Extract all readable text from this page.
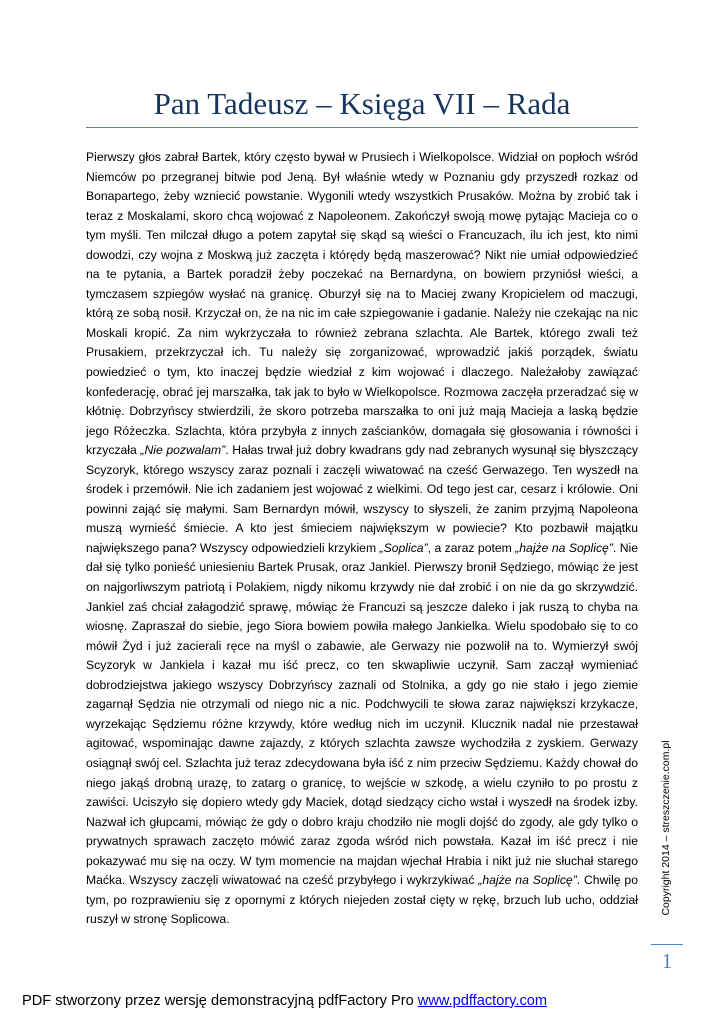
Pan Tadeusz – Księga VII – Rada

Pierwszy głos zabrał Bartek, który często bywał w Prusiech i Wielkopolsce. Widział on popłoch wśród Niemców po przegranej bitwie pod Jeną. Był właśnie wtedy w Poznaniu gdy przyszedł rozkaz od Bonapartego, żeby wzniecić powstanie. Wygonili wtedy wszystkich Prusaków. Można by zrobić tak i teraz z Moskalami, skoro chcą wojować z Napoleonem. Zakończył swoją mowę pytając Macieja co o tym myśli. Ten milczał długo a potem zapytał się skąd są wieści o Francuzach, ilu ich jest, kto nimi dowodzi, czy wojna z Moskwą już zaczęta i którędy będą maszerować? Nikt nie umiał odpowiedzieć na te pytania, a Bartek poradził żeby poczekać na Bernardyna, on bowiem przyniósł wieści, a tymczasem szpiegów wysłać na granicę. Oburzył się na to Maciej zwany Kropicielem od maczugi, którą ze sobą nosił. Krzyczał on, że na nic im całe szpiegowanie i gadanie. Należy nie czekając na nic Moskali kropić. Za nim wykrzyczała to również zebrana szlachta. Ale Bartek, którego zwali też Prusakiem, przekrzyczał ich. Tu należy się zorganizować, wprowadzić jakiś porządek, światu powiedzieć o tym, kto inaczej będzie wiedział z kim wojować i dlaczego. Należałoby zawiązać konfederację, obrać jej marszałka, tak jak to było w Wielkopolsce. Rozmowa zaczęła przeradzać się w kłótnię. Dobrzyńscy stwierdzili, że skoro potrzeba marszałka to oni już mają Macieja a laską będzie jego Różeczka. Szlachta, która przybyła z innych zaścianków, domagała się głosowania i równości i krzyczała „Nie pozwalam”. Hałas trwał już dobry kwadrans gdy nad zebranych wysunął się błyszczący Scyzoryk, którego wszyscy zaraz poznali i zaczęli wiwatować na cześć Gerwazego. Ten wyszedł na środek i przemówił. Nie ich zadaniem jest wojować z wielkimi. Od tego jest car, cesarz i królowie. Oni powinni zająć się małymi. Sam Bernardyn mówił, wszyscy to słyszeli, że zanim przyjmą Napoleona muszą wymieść śmiecie. A kto jest śmieciem największym w powiecie? Kto pozbawił majątku największego pana? Wszyscy odpowiedzieli krzykiem „Soplica”, a zaraz potem „hajże na Soplicę”. Nie dał się tylko ponieść uniesieniu Bartek Prusak, oraz Jankiel. Pierwszy bronił Sędziego, mówiąc że jest on najgorliwszym patriotą i Polakiem, nigdy nikomu krzywdy nie dał zrobić i on nie da go skrzywdzić. Jankiel zaś chciał załagodzić sprawę, mówiąc że Francuzi są jeszcze daleko i jak ruszą to chyba na wiosnę. Zapraszał do siebie, jego Siora bowiem powiła małego Jankielka. Wielu spodobało się to co mówił Żyd i już zacierali ręce na myśl o zabawie, ale Gerwazy nie pozwolił na to. Wymierzył swój Scyzoryk w Jankiela i kazał mu iść precz, co ten skwapliwie uczynił. Sam zaczął wymieniać dobrodziejstwa jakiego wszyscy Dobrzyńscy zaznali od Stolnika, a gdy go nie stało i jego ziemie zagarnął Sędzia nie otrzymali od niego nic a nic. Podchwycili te słowa zaraz największi krzykacze, wyrzekając Sędziemu różne krzywdy, które według nich im uczynił. Klucznik nadal nie przestawał agitować, wspominając dawne zajazdy, z których szlachta zawsze wychodziła z zyskiem. Gerwazy osiągnął swój cel. Szlachta już teraz zdecydowana była iść z nim przeciw Sędziemu. Każdy chował do niego jakąś drobną urazę, to zatarg o granicę, to wejście w szkodę, a wielu czyniło to po prostu z zawiści. Uciszyło się dopiero wtedy gdy Maciek, dotąd siedzący cicho wstał i wyszedł na środek izby. Nazwał ich głupcami, mówiąc że gdy o dobro kraju chodziło nie mogli dojść do zgody, ale gdy tylko o prywatnych sprawach zaczęto mówić zaraz zgoda wśród nich powstała. Kazał im iść precz i nie pokazywać mu się na oczy. W tym momencie na majdan wjechał Hrabia i nikt już nie słuchał starego Maćka. Wszyscy zaczęli wiwatować na cześć przybyłego i wykrzykiwać „hajże na Soplicę”. Chwilę po tym, po rozprawieniu się z opornymi z których niejeden został cięty w rękę, brzuch lub ucho, oddział ruszył w stronę Soplicowa.

Copyright 2014 – streszczenie.com.pl
1
PDF stworzony przez wersję demonstracyjną pdfFactory Pro www.pdffactory.com
